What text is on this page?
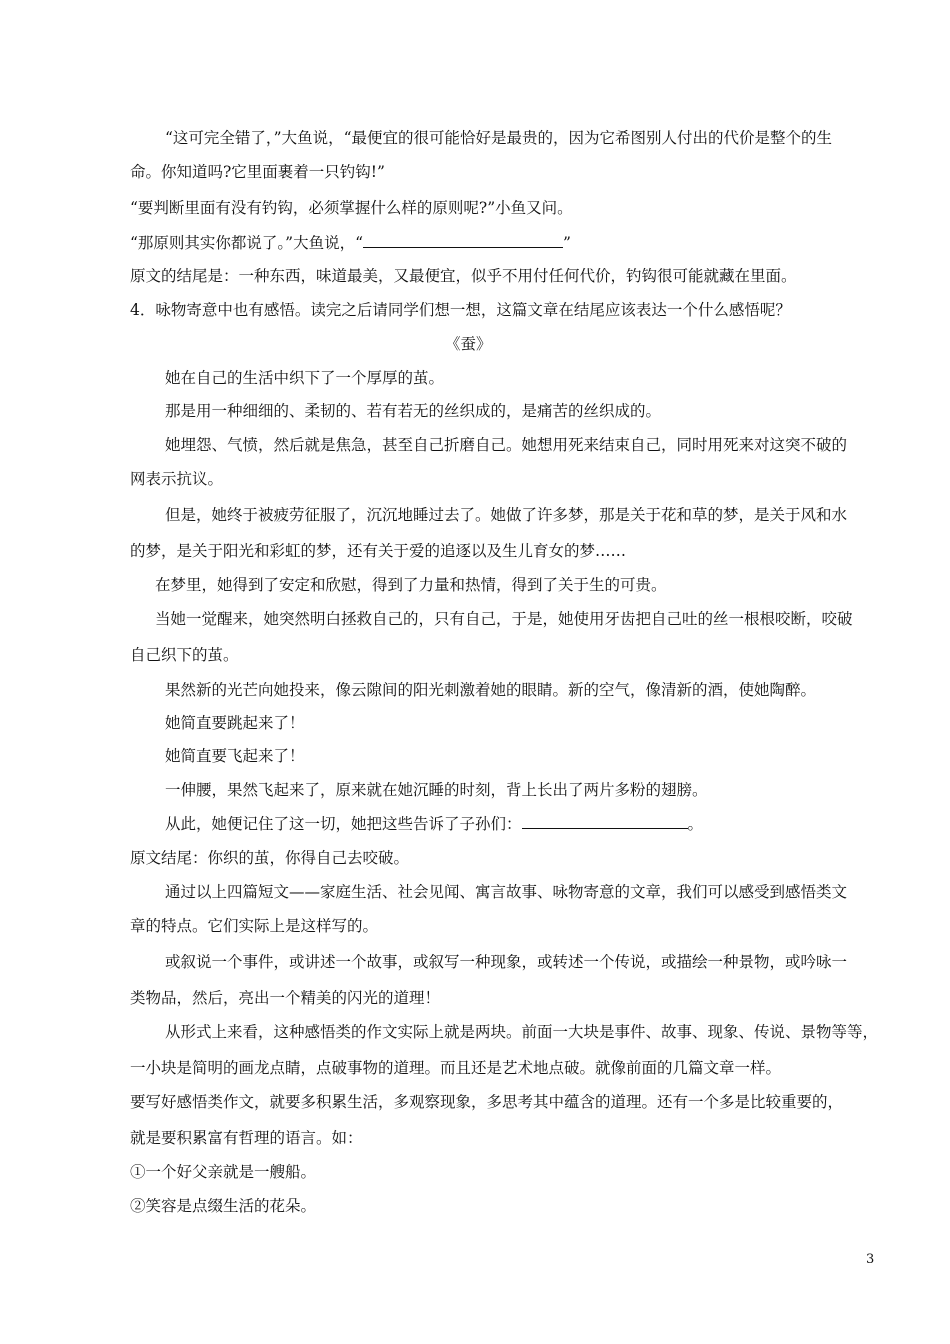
“这可完全错了，”大鱼说，“最便宜的很可能恰好是最贵的，因为它希图别人付出的代价是整个的生
命。你知道吗?它里面裹着一只钓钩!”
“要判断里面有没有钓钩，必须掌握什么样的原则呢?”小鱼又问。
“那原则其实你都说了。”大鱼说，“	”
原文的结尾是：一种东西，味道最美，又最便宜，似乎不用付任何代价，钓钩很可能就藏在里面。
4．咏物寄意中也有感悟。读完之后请同学们想一想，这篇文章在结尾应该表达一个什么感悟呢？
《蚕》
她在自己的生活中织下了一个厚厚的茧。
那是用一种细细的、柔韧的、若有若无的丝织成的，是痛苦的丝织成的。
她埋怨、气愤，然后就是焦急，甚至自己折磨自己。她想用死来结束自己，同时用死来对这突不破的
网表示抗议。
但是，她终于被疲劳征服了，沉沉地睡过去了。她做了许多梦，那是关于花和草的梦，是关于风和水
的梦，是关于阳光和彩虹的梦，还有关于爱的追逐以及生儿育女的梦……
在梦里，她得到了安定和欣慰，得到了力量和热情，得到了关于生的可贵。
当她一觉醒来，她突然明白拯救自己的，只有自己，于是，她使用牙齿把自己吐的丝一根根咬断，咬破
自己织下的茧。
果然新的光芒向她投来，像云隙间的阳光刺激着她的眼睛。新的空气，像清新的酒，使她陶醉。
她简直要跳起来了！
她简直要飞起来了！
一伸腰，果然飞起来了，原来就在她沉睡的时刻，背上长出了两片多粉的翅膀。
从此，她便记住了这一切，她把这些告诉了子孙们：	。
原文结尾：你织的茧，你得自己去咬破。
通过以上四篇短文——家庭生活、社会见闻、寓言故事、咏物寄意的文章，我们可以感受到感悟类文
章的特点。它们实际上是这样写的。
或叙说一个事件，或讲述一个故事，或叙写一种现象，或转述一个传说，或描绘一种景物，或吟咏一
类物品，然后，亮出一个精美的闪光的道理！
从形式上来看，这种感悟类的作文实际上就是两块。前面一大块是事件、故事、现象、传说、景物等等，
一小块是简明的画龙点睛，点破事物的道理。而且还是艺术地点破。就像前面的几篇文章一样。
要写好感悟类作文，就要多积累生活，多观察现象，多思考其中蕴含的道理。还有一个多是比较重要的，
就是要积累富有哲理的语言。如：
①一个好父亲就是一艘船。
②笑容是点缀生活的花朵。
3
